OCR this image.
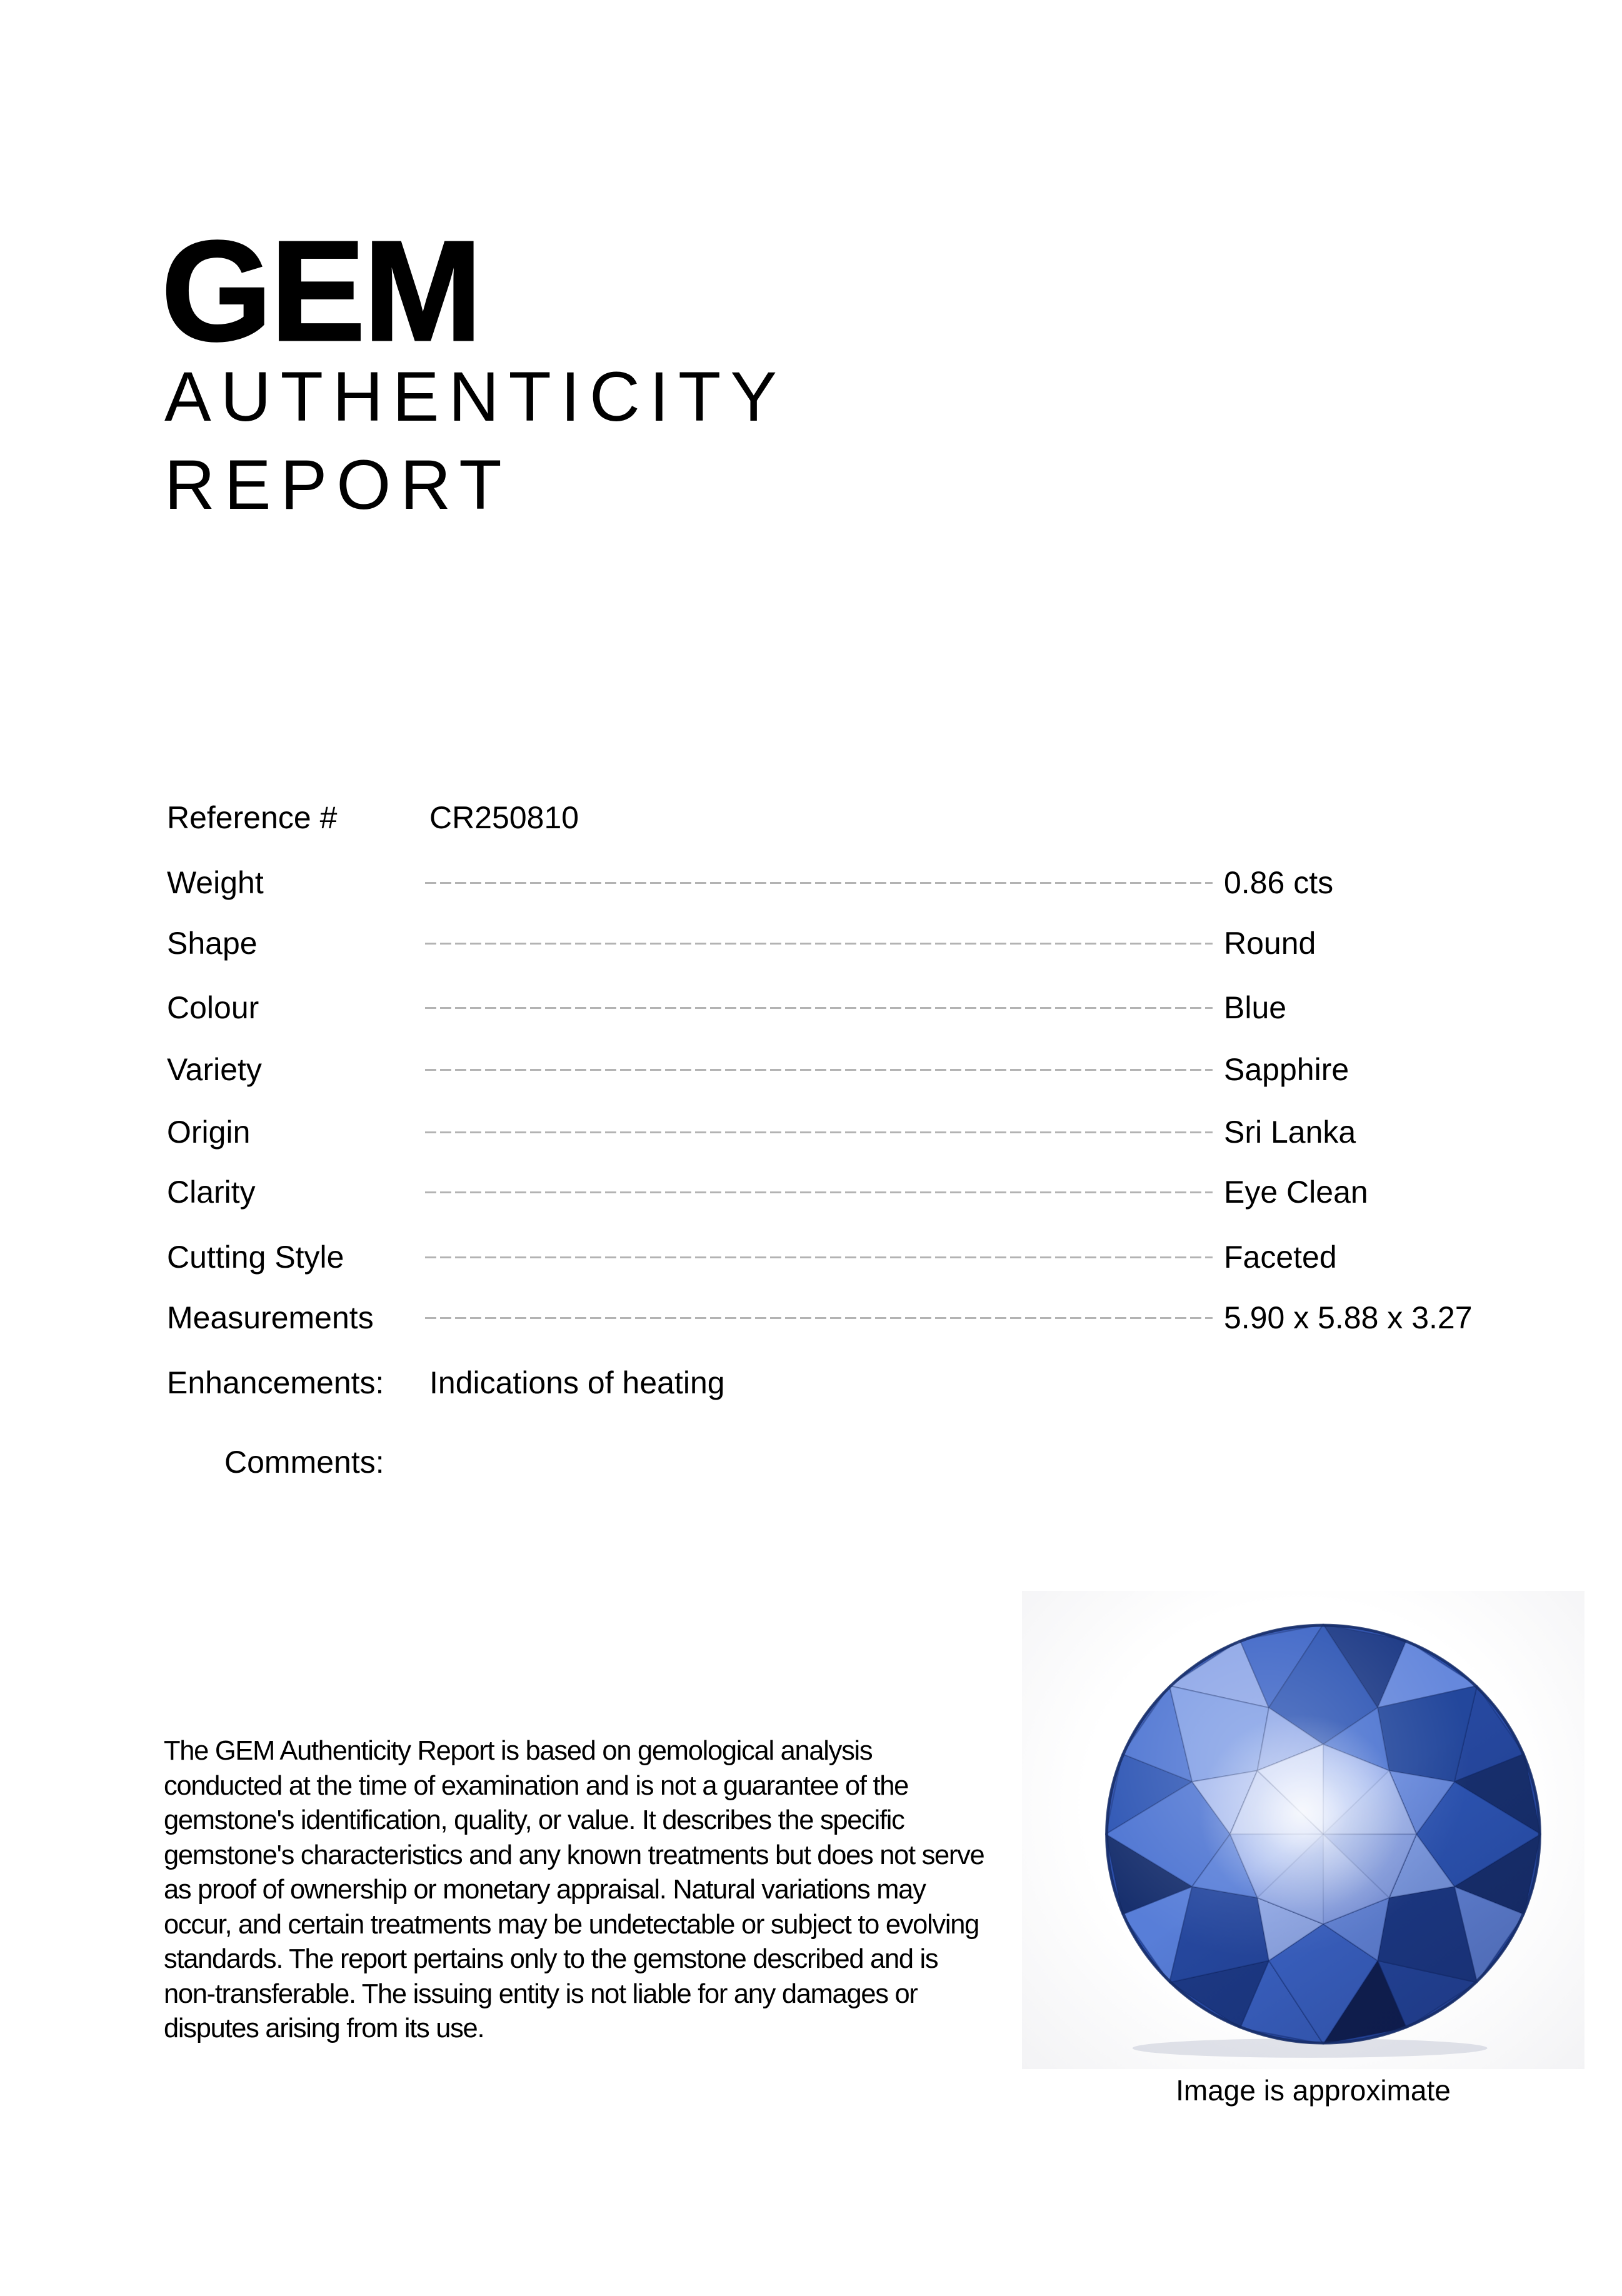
GEM
AUTHENTICITY
REPORT
Reference #	CR250810
Weight	0.86 cts
Shape	Round
Colour	Blue
Variety	Sapphire
Origin	Sri Lanka
Clarity	Eye Clean
Cutting Style	Faceted
Measurements	5.90 x 5.88 x 3.27
Enhancements:	Indications of heating
Comments:
The GEM Authenticity Report is based on gemological analysis conducted at the time of examination and is not a guarantee of the gemstone's identification, quality, or value. It describes the specific gemstone's characteristics and any known treatments but does not serve as proof of ownership or monetary appraisal. Natural variations may occur, and certain treatments may be undetectable or subject to evolving standards. The report pertains only to the gemstone described and is non-transferable. The issuing entity is not liable for any damages or disputes arising from its use.
Image is approximate
